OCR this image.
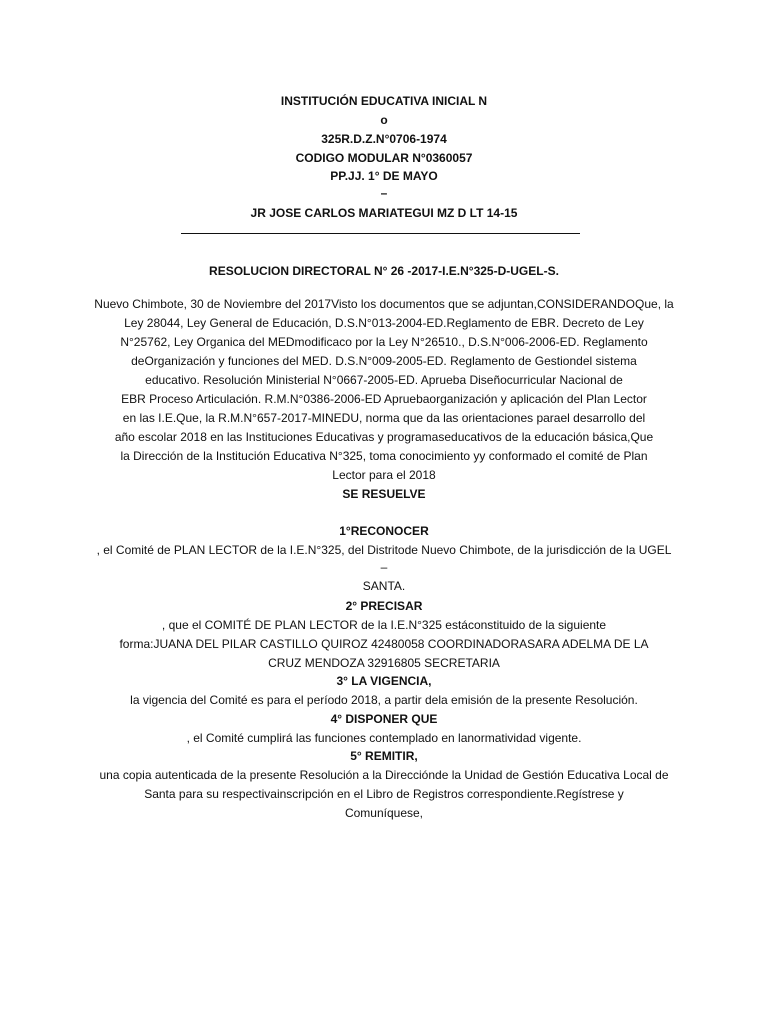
INSTITUCIÓN EDUCATIVA INICIAL N
o
325R.D.Z.N°0706-1974
CODIGO MODULAR N°0360057
PP.JJ. 1° DE MAYO
–
JR JOSE CARLOS MARIATEGUI MZ D LT 14-15
RESOLUCION DIRECTORAL N° 26 -2017-I.E.N°325-D-UGEL-S.
Nuevo Chimbote, 30 de Noviembre del 2017Visto los documentos que se adjuntan,CONSIDERANDOQue, la
Ley 28044, Ley General de Educación, D.S.N°013-2004-ED.Reglamento de EBR. Decreto de Ley
N°25762, Ley Organica del MEDmodificaco por la Ley N°26510., D.S.N°006-2006-ED. Reglamento
deOrganización y funciones del MED. D.S.N°009-2005-ED. Reglamento de Gestiondel sistema
educativo. Resolución Ministerial N°0667-2005-ED. Aprueba Diseñocurricular Nacional de
EBR Proceso Articulación. R.M.N°0386-2006-ED Apruebaorganización y aplicación del Plan Lector
en las I.E.Que, la R.M.N°657-2017-MINEDU, norma que da las orientaciones parael desarrollo del
año escolar 2018 en las Instituciones Educativas y programaseducativos de la educación básica,Que
la Dirección de la Institución Educativa N°325, toma conocimiento yy conformado el comité de Plan
Lector para el 2018
SE RESUELVE
1°RECONOCER
, el Comité de PLAN LECTOR de la I.E.N°325, del Distritode Nuevo Chimbote, de la jurisdicción de la UGEL
–
SANTA.
2° PRECISAR
, que el COMITÉ DE PLAN LECTOR de la I.E.N°325 estáconstituido de la siguiente
forma:JUANA DEL PILAR CASTILLO QUIROZ 42480058 COORDINADORASARA ADELMA DE LA
CRUZ MENDOZA 32916805 SECRETARIA
3° LA VIGENCIA,
la vigencia del Comité es para el período 2018, a partir dela emisión de la presente Resolución.
4° DISPONER QUE
, el Comité cumplirá las funciones contemplado en lanormatividad vigente.
5° REMITIR,
una copia autenticada de la presente Resolución a la Direcciónde la Unidad de Gestión Educativa Local de
Santa para su respectivainscripción en el Libro de Registros correspondiente.Regístrese y
Comuníquese,
